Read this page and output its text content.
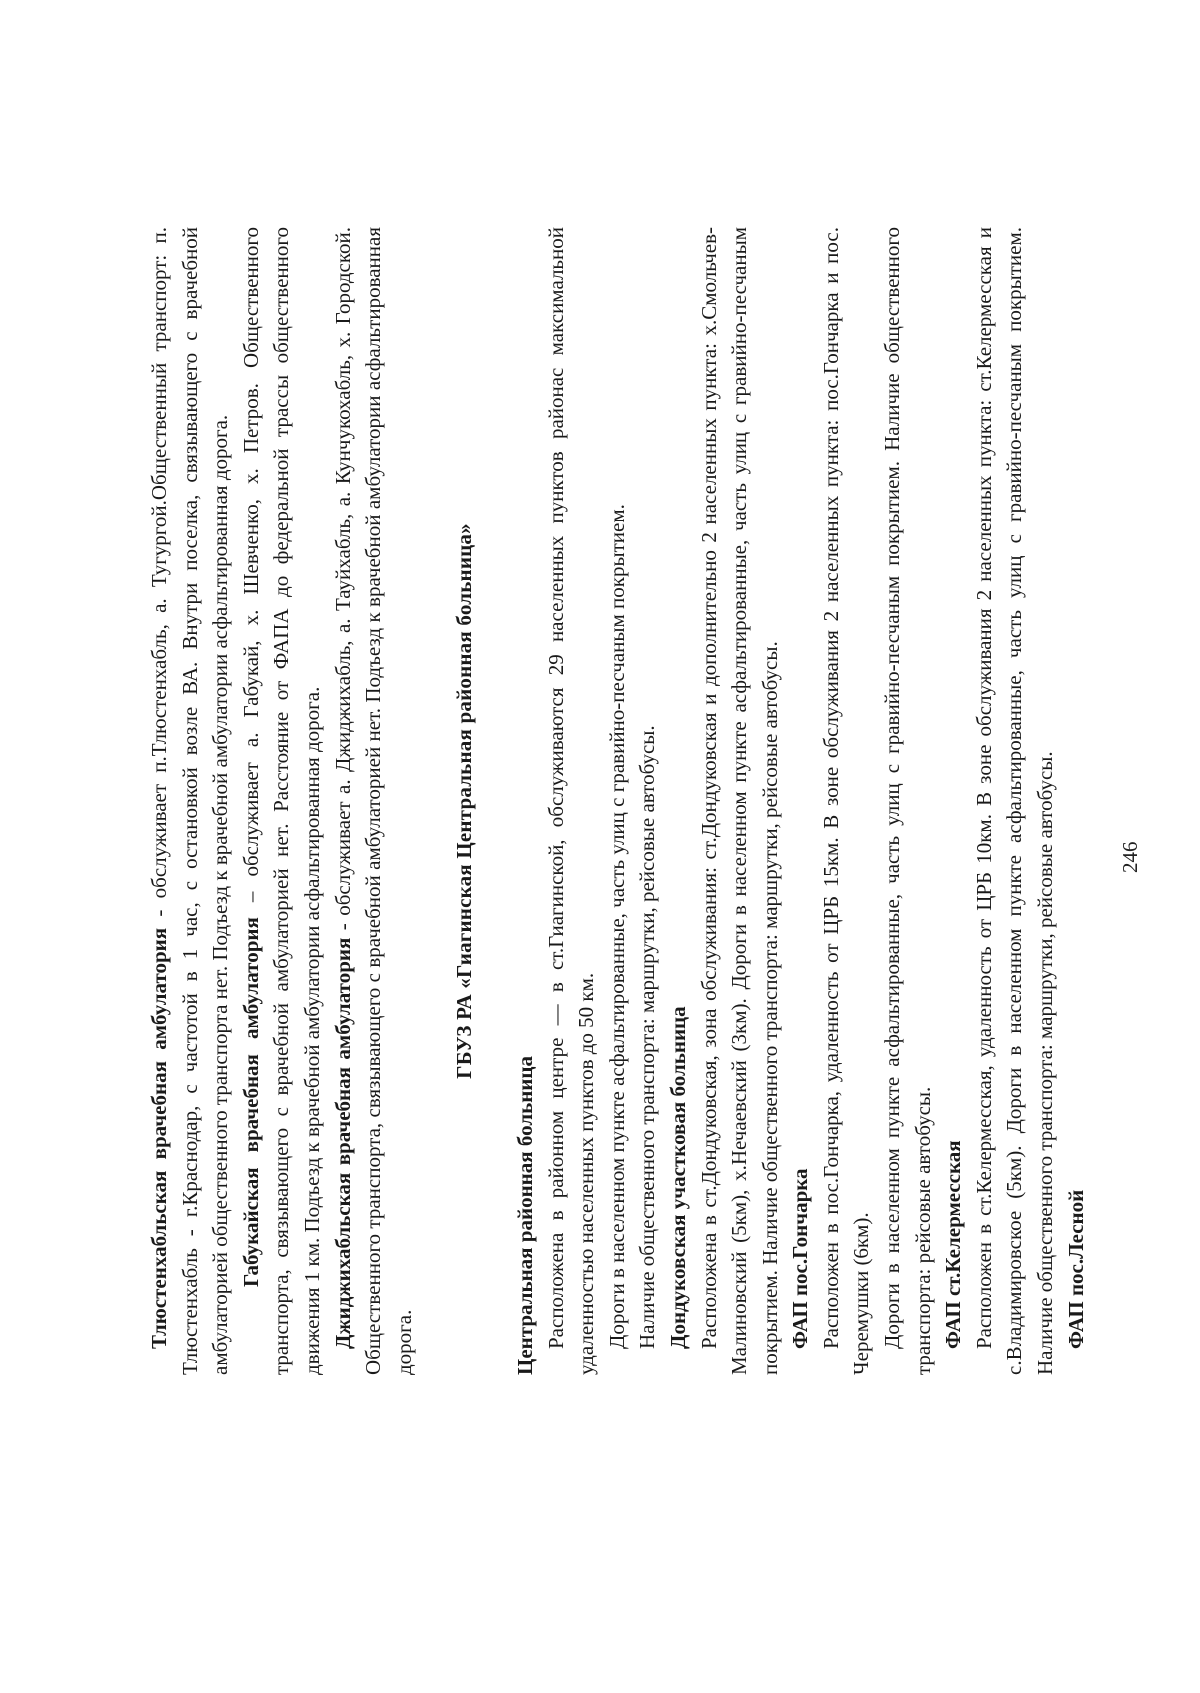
246

Тлюстенхабльская врачебная амбулатория - обслуживает п.Тлюстенхабль, а. Тугургой.Общественный транспорт: п. Тлюстенхабль - г.Краснодар, с частотой в 1 час, с остановкой возле ВА. Внутри поселка, связывающего с врачебной амбулаторией общественного транспорта нет. Подъезд к врачебной амбулатории асфальтированная дорога. Габукайская врачебная амбулатория – обслуживает а. Габукай, х. Шевченко, х. Петров. Общественного транспорта, связывающего с врачебной амбулаторией нет. Расстояние от ФАПА до федеральной трассы общественного движения 1 км. Подъезд к врачебной амбулатории асфальтированная дорога. Джиджихабльская врачебная амбулатория - обслуживает а. Джиджихабль, а. Тауйхабль, а. Кунчукохабль, х. Городской. Общественного транспорта, связывающего с врачебной амбулаторией нет. Подъезд к врачебной амбулатории асфальтированная дорога.

ГБУЗ РА «Гиагинская Центральная районная больница»

Центральная районная больница Расположена в районном центре — в ст.Гиагинской, обслуживаются 29 населенных пунктов районас максимальной удаленностью населенных пунктов до 50 км. Дороги в населенном пункте асфальтированные, часть улиц с гравийно-песчаным покрытием. Наличие общественного транспорта: маршрутки, рейсовые автобусы. Дондуковская участковая больница Расположена в ст.Дондуковская, зона обслуживания: ст.Дондуковская и дополнительно 2 населенных пункта: х.Смольчев-Малиновский (5км), х.Нечаевский (3км). Дороги в населенном пункте асфальтированные, часть улиц с гравийно-песчаным покрытием. Наличие общественного транспорта: маршрутки, рейсовые автобусы. ФАП пос.Гончарка Расположен в пос.Гончарка, удаленность от ЦРБ 15км. В зоне обслуживания 2 населенных пункта: пос.Гончарка и пос. Черемушки (6км). Дороги в населенном пункте асфальтированные, часть улиц с гравийно-песчаным покрытием. Наличие общественного транспорта: рейсовые автобусы. ФАП ст.Келермесская Расположен в ст.Келермесская, удаленность от ЦРБ 10км. В зоне обслуживания 2 населенных пункта: ст.Келермесская и с.Владимировское (5км). Дороги в населенном пункте асфальтированные, часть улиц с гравийно-песчаным покрытием. Наличие общественного транспорта: маршрутки, рейсовые автобусы. ФАП пос.Лесной
